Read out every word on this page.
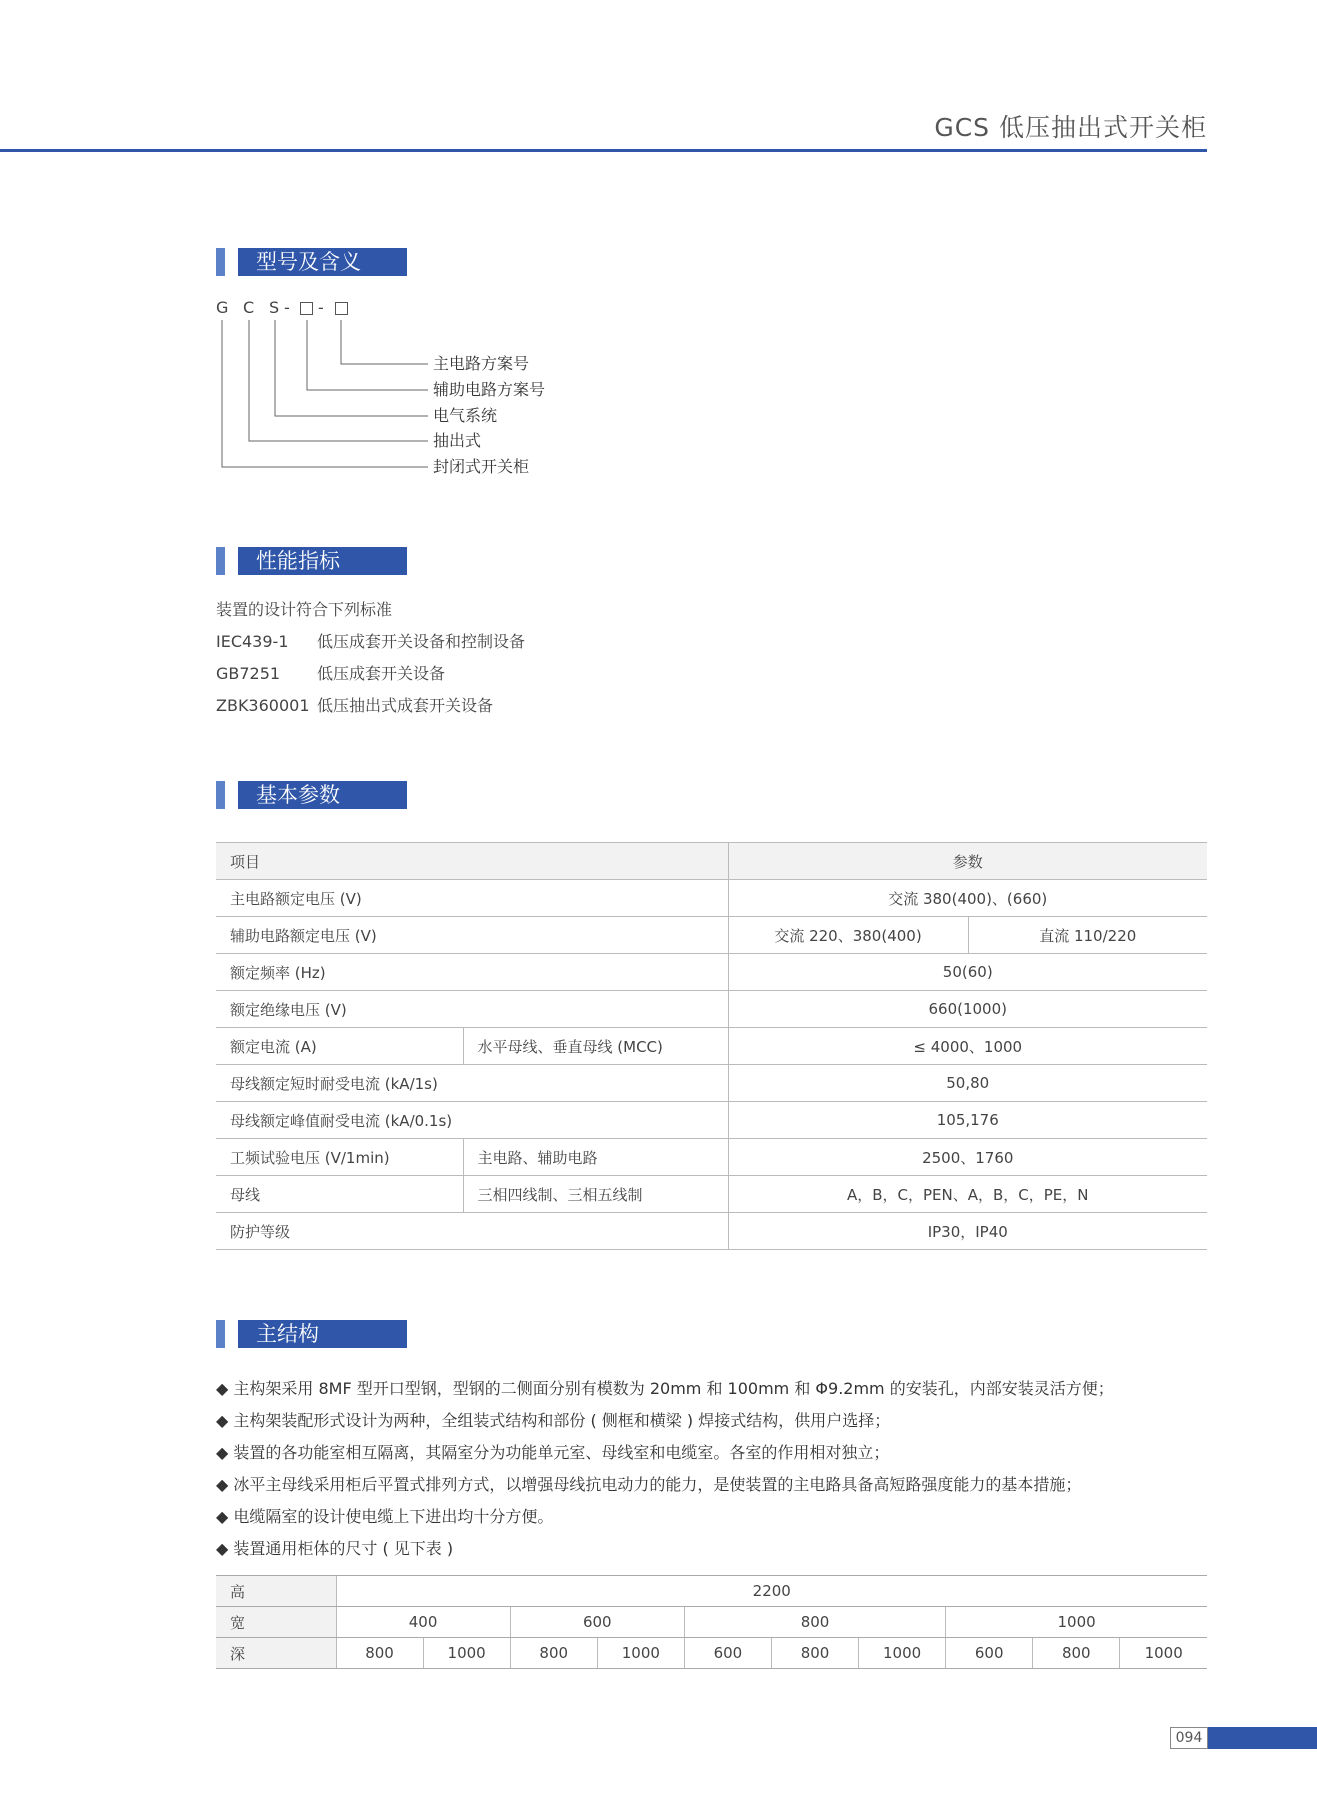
GCS 低压抽出式开关柜
型号及含义
G C S - -
主电路方案号
辅助电路方案号
电气系统
抽出式
封闭式开关柜
性能指标
装置的设计符合下列标准
IEC439-1 低压成套开关设备和控制设备
GB7251 低压成套开关设备
ZBK360001 低压抽出式成套开关设备
基本参数
项目		参数	
主电路额定电压 (V)		交流 380(400)、(660)	
辅助电路额定电压 (V)		交流 220、380(400)	直流 110/220
额定频率 (Hz)		50(60)	
额定绝缘电压 (V)		660(1000)	
额定电流 (A)	水平母线、垂直母线 (MCC)	≤ 4000、1000	
母线额定短时耐受电流 (kA/1s)		50,80	
母线额定峰值耐受电流 (kA/0.1s)		105,176	
工频试验电压 (V/1min)	主电路、辅助电路	2500、1760	
母线	三相四线制、三相五线制	A，B，C，PEN、A，B，C，PE，N	
防护等级		IP30，IP40	
主结构
◆ 主构架采用 8MF 型开口型钢，型钢的二侧面分别有模数为 20mm 和 100mm 和 Φ9.2mm 的安装孔，内部安装灵活方便；
◆ 主构架装配形式设计为两种，全组装式结构和部份 ( 侧框和横梁 ) 焊接式结构，供用户选择；
◆ 装置的各功能室相互隔离，其隔室分为功能单元室、母线室和电缆室。各室的作用相对独立；
◆ 冰平主母线采用柜后平置式排列方式，以增强母线抗电动力的能力，是使装置的主电路具备高短路强度能力的基本措施；
◆ 电缆隔室的设计使电缆上下进出均十分方便。
◆ 装置通用柜体的尺寸 ( 见下表 )
高	2200									
宽	400		600		800			1000		
深	800	1000	800	1000	600	800	1000	600	800	1000
094
